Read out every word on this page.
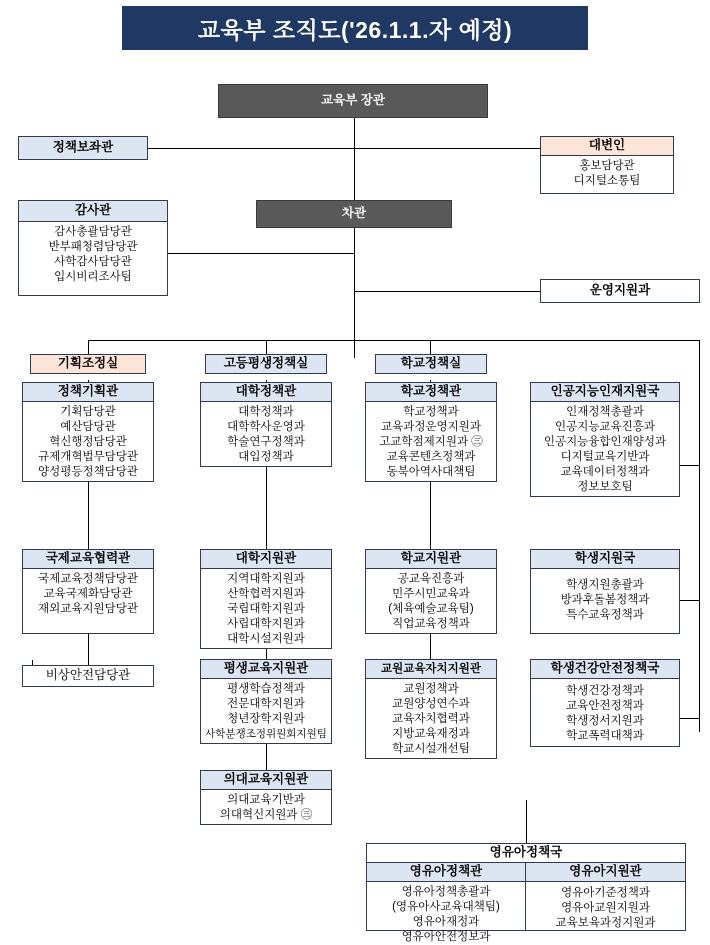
교육부 조직도('26.1.1.자 예정)
교육부 장관
정책보좌관	대변인
홍보담당관
디지털소통팀
차관
감사관
감사총괄담당관
반부패청렴담당관
사학감사담당관
입시비리조사팀
운영지원과
기획조정실
정책기획관
기획담당관
예산담당관
혁신행정담당관
규제개혁법무담당관
양성평등정책담당관
국제교육협력관
국제교육정책담당관
교육국제화담당관
재외교육지원담당관
비상안전담당관
고등평생정책실
대학정책관
대학정책과
대학학사운영과
학술연구정책과
대입정책과
대학지원관
지역대학지원과
산학협력지원과
국립대학지원과
사립대학지원과
대학시설지원과
평생교육지원관
평생학습정책과
전문대학지원과
청년장학지원과
사학분쟁조정위원회지원팀
의대교육지원관
의대교육기반과
의대혁신지원과 ㊂
학교정책실
학교정책관
학교정책과
교육과정운영지원과
고교학점제지원과 ㊂
교육콘텐츠정책과
동북아역사대책팀
학교지원관
공교육진흥과
민주시민교육과
(체육예술교육팀)
직업교육정책과
교원교육자치지원관
교원정책과
교원양성연수과
교육자치협력과
지방교육재정과
학교시설개선팀
인공지능인재지원국
인재정책총괄과
인공지능교육진흥과
인공지능융합인재양성과
디지털교육기반과
교육데이터정책과
정보보호팀
학생지원국
학생지원총괄과
방과후돌봄정책과
특수교육정책과
학생건강안전정책국
학생건강정책과
교육안전정책과
학생정서지원과
학교폭력대책과
영유아정책국
영유아정책관	영유아지원관
영유아정책총괄과
(영유아사교육대책팀)
영유아재정과
영유아안전정보과
영유아기준정책과
영유아교원지원과
교육보육과정지원과
